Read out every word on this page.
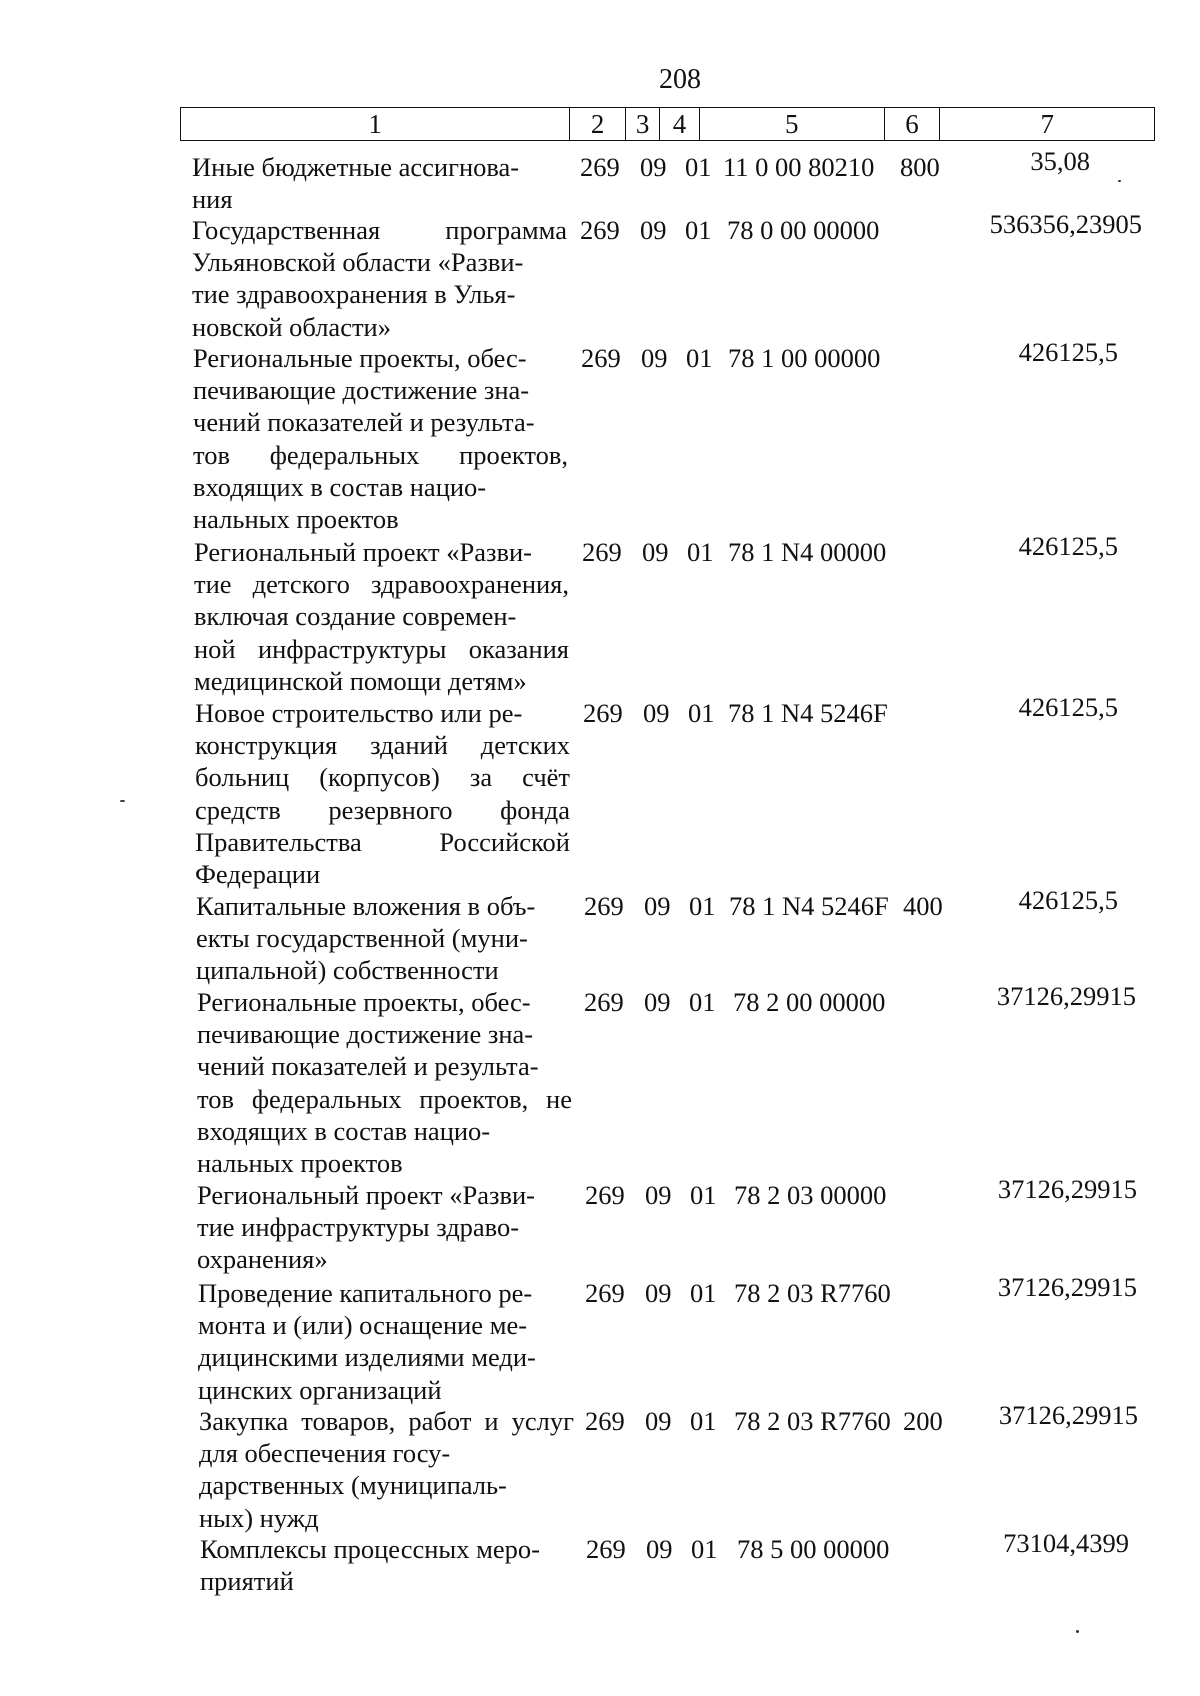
208
1	2	3 4	5	6	7
Иные бюджетные ассигнова-
ния
269 09 01 11 0 00 80210 800	35,08
Государственная программа Ульяновской области «Разви-
тие здравоохранения в Улья-
новской области»
269 09 01 78 0 00 00000	536356,23905
Региональные проекты, обес-
печивающие достижение зна-
чений показателей и результа-
тов федеральных проектов, входящих в состав нацио-
нальных проектов
269 09 01 78 1 00 00000	426125,5
Региональный проект «Разви-
тие детского здравоохранения, включая создание современ-
ной инфраструктуры оказания медицинской помощи детям»
269 09 01 78 1 N4 00000	426125,5
Новое строительство или ре-
конструкция зданий детских больниц (корпусов) за счёт средств резервного фонда Правительства Российской Федерации
269 09 01 78 1 N4 5246F	426125,5
Капитальные вложения в объ-
екты государственной (муни-
ципальной) собственности
269 09 01 78 1 N4 5246F 400	426125,5
Региональные проекты, обес-
печивающие достижение зна-
чений показателей и результа-
тов федеральных проектов, не входящих в состав нацио-
нальных проектов
269 09 01 78 2 00 00000	37126,29915
Региональный проект «Разви-
тие инфраструктуры здраво-
охранения»
269 09 01 78 2 03 00000	37126,29915
Проведение капитального ре-
монта и (или) оснащение ме-
дицинскими изделиями меди-
цинских организаций
269 09 01 78 2 03 R7760	37126,29915
Закупка товаров, работ и услуг для обеспечения госу-
дарственных (муниципаль-
ных) нужд
269 09 01 78 2 03 R7760 200	37126,29915
Комплексы процессных меро-
приятий
269 09 01 78 5 00 00000	73104,4399
